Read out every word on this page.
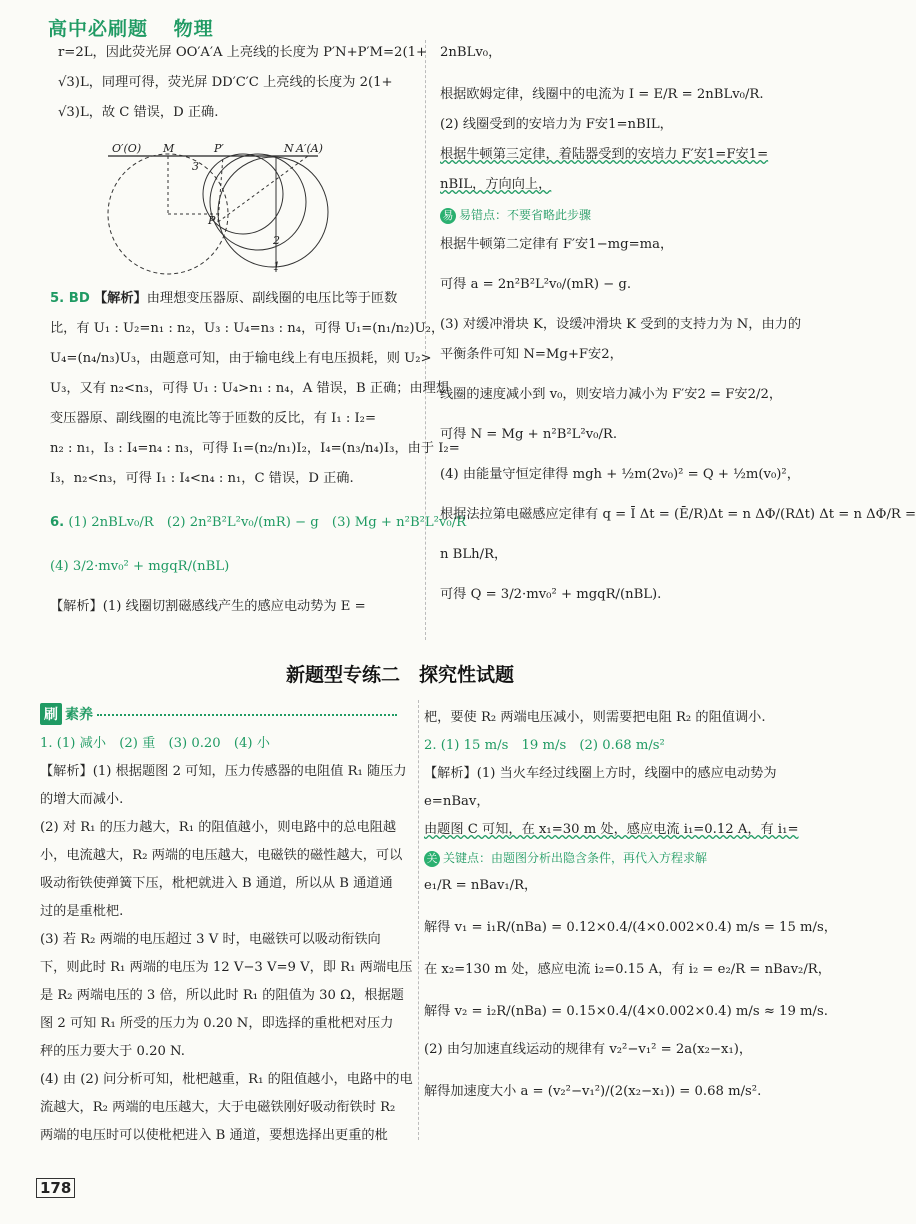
高中必刷题 物理
r=2L，因此荧光屏 OO′A′A 上亮线的长度为 P′N+P′M=2(1+
√3)L，同理可得，荧光屏 DD′C′C 上亮线的长度为 2(1+
√3)L，故 C 错误，D 正确.
O′(O) M	P′	N A′(A)
P
3
2
1
5. BD 【解析】由理想变压器原、副线圈的电压比等于匝数
比，有 U₁ : U₂=n₁ : n₂，U₃ : U₄=n₃ : n₄，可得 U₁=(n₁/n₂)U₂，
U₄=(n₄/n₃)U₃，由题意可知，由于输电线上有电压损耗，则 U₂>
U₃，又有 n₂<n₃，可得 U₁ : U₄>n₁ : n₄，A 错误，B 正确；由理想
变压器原、副线圈的电流比等于匝数的反比，有 I₁ : I₂=
n₂ : n₁，I₃ : I₄=n₄ : n₃，可得 I₁=(n₂/n₁)I₂，I₄=(n₃/n₄)I₃，由于 I₂=
I₃，n₂<n₃，可得 I₁ : I₄<n₄ : n₁，C 错误，D 正确.
6. (1) 2nBLv₀/R　(2) 2n²B²L²v₀/(mR) − g　(3) Mg + n²B²L²v₀/R
(4) 3/2·mv₀² + mgqR/(nBL)
【解析】(1) 线圈切割磁感线产生的感应电动势为 E =
2nBLv₀，
根据欧姆定律，线圈中的电流为 I = E/R = 2nBLv₀/R.
(2) 线圈受到的安培力为 F安1=nBIL，
根据牛顿第三定律，着陆器受到的安培力 F′安1=F安1=
nBIL，方向向上，
易 易错点：不要省略此步骤
根据牛顿第二定律有 F′安1−mg=ma，
可得 a = 2n²B²L²v₀/(mR) − g.
(3) 对缓冲滑块 K，设缓冲滑块 K 受到的支持力为 N，由力的
平衡条件可知 N=Mg+F安2，
线圈的速度减小到 v₀，则安培力减小为 F′安2 = F安2/2，
可得 N = Mg + n²B²L²v₀/R.
(4) 由能量守恒定律得 mgh + ½m(2v₀)² = Q + ½m(v₀)²，
根据法拉第电磁感应定律有 q = Ī Δt = (Ē/R)Δt = n ΔΦ/(RΔt) Δt = n ΔΦ/R =
n BLh/R，
可得 Q = 3/2·mv₀² + mgqR/(nBL).
新题型专练二　探究性试题
刷 素养
1. (1) 减小　(2) 重　(3) 0.20　(4) 小
【解析】(1) 根据题图 2 可知，压力传感器的电阻值 R₁ 随压力
的增大而减小.
(2) 对 R₁ 的压力越大，R₁ 的阻值越小，则电路中的总电阻越
小，电流越大，R₂ 两端的电压越大，电磁铁的磁性越大，可以
吸动衔铁使弹簧下压，枇杷就进入 B 通道，所以从 B 通道通
过的是重枇杷.
(3) 若 R₂ 两端的电压超过 3 V 时，电磁铁可以吸动衔铁向
下，则此时 R₁ 两端的电压为 12 V−3 V=9 V，即 R₁ 两端电压
是 R₂ 两端电压的 3 倍，所以此时 R₁ 的阻值为 30 Ω，根据题
图 2 可知 R₁ 所受的压力为 0.20 N，即选择的重枇杷对压力
秤的压力要大于 0.20 N.
(4) 由 (2) 问分析可知，枇杷越重，R₁ 的阻值越小，电路中的电
流越大，R₂ 两端的电压越大，大于电磁铁刚好吸动衔铁时 R₂
两端的电压时可以使枇杷进入 B 通道，要想选择出更重的枇
杷，要使 R₂ 两端电压减小，则需要把电阻 R₂ 的阻值调小.
2. (1) 15 m/s　19 m/s　(2) 0.68 m/s²
【解析】(1) 当火车经过线圈上方时，线圈中的感应电动势为
e=nBav，
由题图 C 可知，在 x₁=30 m 处，感应电流 i₁=0.12 A，有 i₁=
关 关键点：由题图分析出隐含条件，再代入方程求解
e₁/R = nBav₁/R，
解得 v₁ = i₁R/(nBa) = 0.12×0.4/(4×0.002×0.4) m/s = 15 m/s，
在 x₂=130 m 处，感应电流 i₂=0.15 A，有 i₂ = e₂/R = nBav₂/R，
解得 v₂ = i₂R/(nBa) = 0.15×0.4/(4×0.002×0.4) m/s ≈ 19 m/s.
(2) 由匀加速直线运动的规律有 v₂²−v₁² = 2a(x₂−x₁)，
解得加速度大小 a = (v₂²−v₁²)/(2(x₂−x₁)) = 0.68 m/s².
178
